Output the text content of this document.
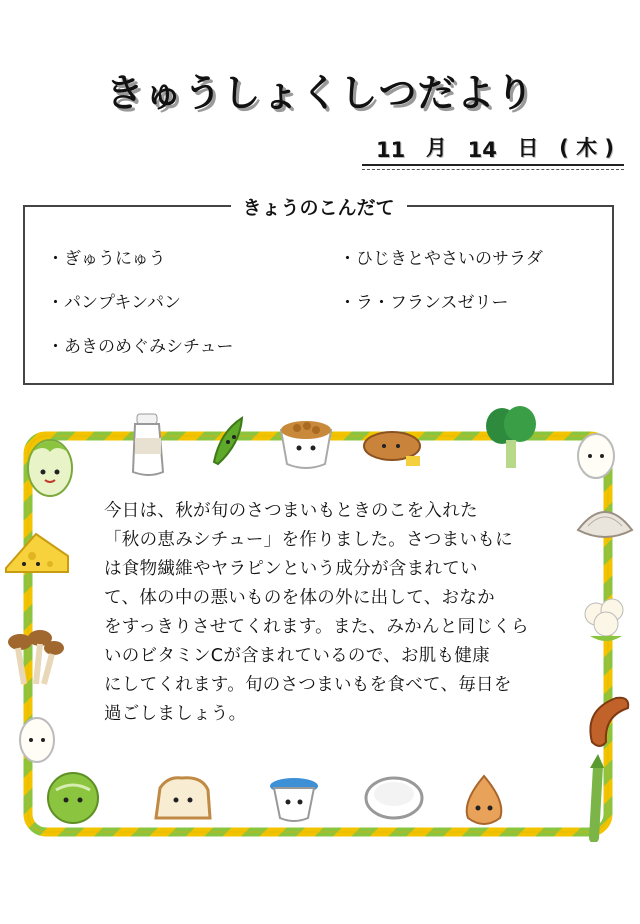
きゅうしょくしつだより
11 月 14 日 ( 木 )
きょうのこんだて
・ぎゅうにゅう	・ひじきとやさいのサラダ
・パンプキンパン	・ラ・フランスゼリー
・あきのめぐみシチュー

今日は、秋が旬のさつまいもときのこを入れた

「秋の恵みシチュー」を作りました。さつまいもに

は食物繊維やヤラピンという成分が含まれてい

て、体の中の悪いものを体の外に出して、おなか

をすっきりさせてくれます。また、みかんと同じくら

いのビタミンCが含まれているので、お肌も健康

にしてくれます。旬のさつまいもを食べて、毎日を

過ごしましょう。
